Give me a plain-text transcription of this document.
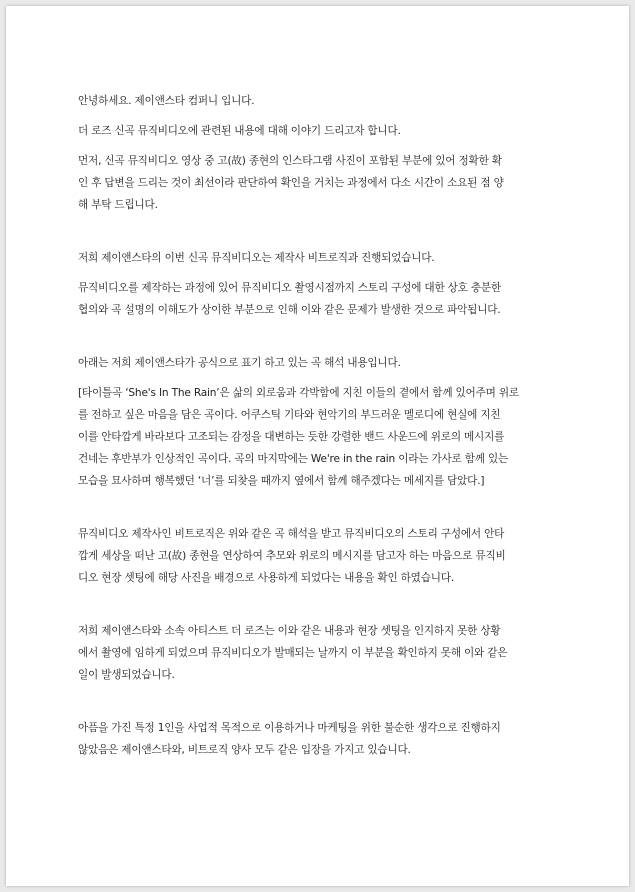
안녕하세요. 제이앤스타 컴퍼니 입니다.

더 로즈 신곡 뮤직비디오에 관련된 내용에 대해 이야기 드리고자 합니다.

먼저, 신곡 뮤직비디오 영상 중 고(故) 종현의 인스타그램 사진이 포함된 부분에 있어 정확한 확
인 후 답변을 드리는 것이 최선이라 판단하여 확인을 거치는 과정에서 다소 시간이 소요된 점 양
해 부탁 드립니다.

저희 제이앤스타의 이번 신곡 뮤직비디오는 제작사 비트로직과 진행되었습니다.

뮤직비디오를 제작하는 과정에 있어 뮤직비디오 촬영시점까지 스토리 구성에 대한 상호 충분한
협의와 곡 설명의 이해도가 상이한 부분으로 인해 이와 같은 문제가 발생한 것으로 파악됩니다.

아래는 저희 제이앤스타가 공식으로 표기 하고 있는 곡 해석 내용입니다.

[타이틀곡 ‘She's In The Rain’은 삶의 외로움과 각박함에 지친 이들의 곁에서 함께 있어주며 위로
를 전하고 싶은 마음을 담은 곡이다. 어쿠스틱 기타와 현악기의 부드러운 멜로디에 현실에 지친
이를 안타깝게 바라보다 고조되는 감정을 대변하는 듯한 강렬한 밴드 사운드에 위로의 메시지를
건네는 후반부가 인상적인 곡이다. 곡의 마지막에는 We're in the rain 이라는 가사로 함께 있는
모습을 묘사하며 행복했던 ‘너’를 되찾을 때까지 옆에서 함께 해주겠다는 메세지를 담았다.]

뮤직비디오 제작사인 비트로직은 위와 같은 곡 해석을 받고 뮤직비디오의 스토리 구성에서 안타
깝게 세상을 떠난 고(故) 종현을 연상하여 추모와 위로의 메시지를 담고자 하는 마음으로 뮤직비
디오 현장 셋팅에 해당 사진을 배경으로 사용하게 되었다는 내용을 확인 하였습니다.

저희 제이앤스타와 소속 아티스트 더 로즈는 이와 같은 내용과 현장 셋팅을 인지하지 못한 상황
에서 촬영에 임하게 되었으며 뮤직비디오가 발매되는 날까지 이 부분을 확인하지 못해 이와 같은
일이 발생되었습니다.

아픔을 가진 특정 1인을 사업적 목적으로 이용하거나 마케팅을 위한 불순한 생각으로 진행하지
않았음은 제이앤스타와, 비트로직 양사 모두 같은 입장을 가지고 있습니다.
